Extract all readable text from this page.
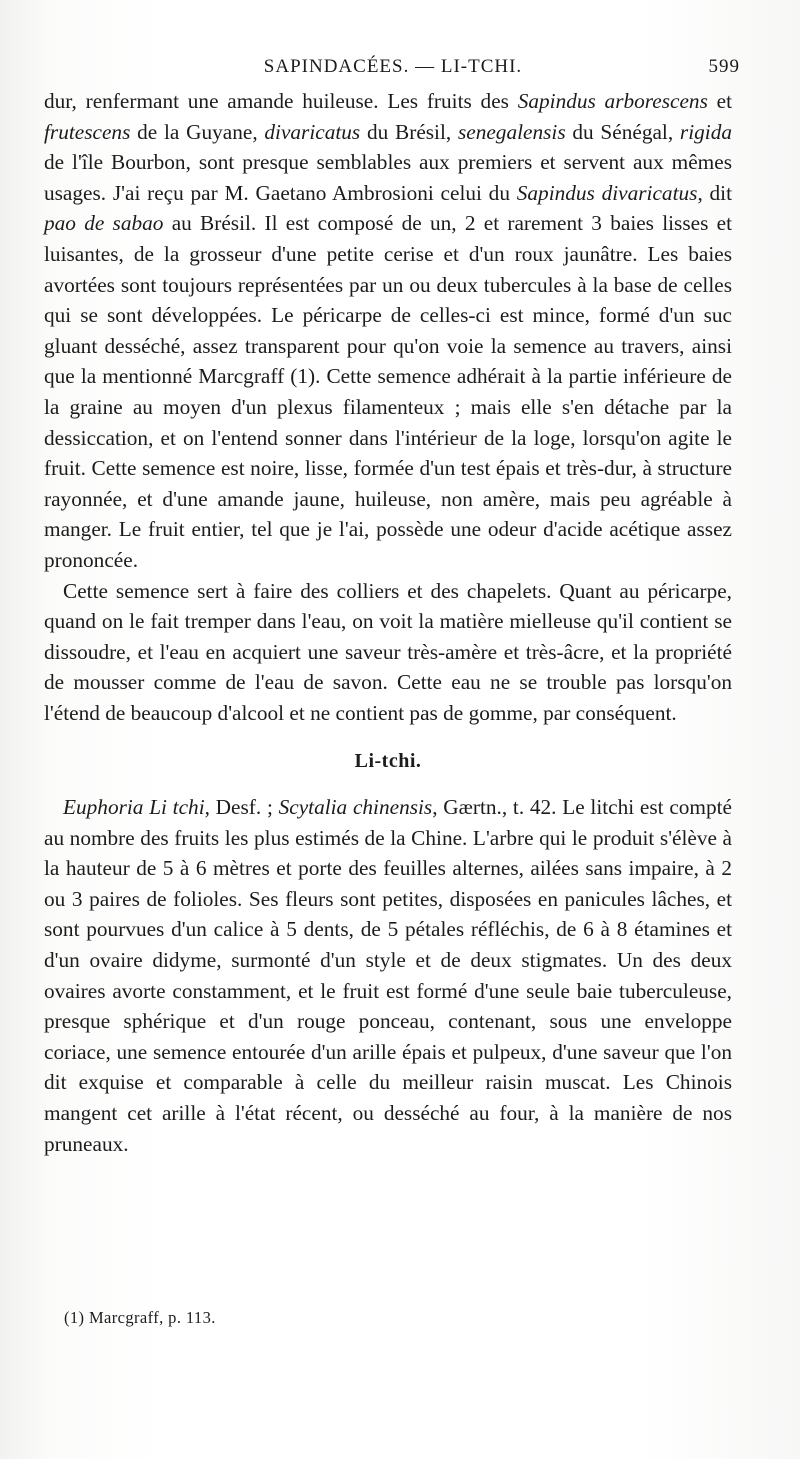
SAPINDACÉES. — LI-TCHI.	599

dur, renfermant une amande huileuse. Les fruits des Sapindus arborescens et frutescens de la Guyane, divaricatus du Brésil, senegalensis du Sénégal, rigida de l'île Bourbon, sont presque semblables aux premiers et servent aux mêmes usages. J'ai reçu par M. Gaetano Ambrosioni celui du Sapindus divaricatus, dit pao de sabao au Brésil. Il est composé de un, 2 et rarement 3 baies lisses et luisantes, de la grosseur d'une petite cerise et d'un roux jaunâtre. Les baies avortées sont toujours représentées par un ou deux tubercules à la base de celles qui se sont développées. Le péricarpe de celles-ci est mince, formé d'un suc gluant desséché, assez transparent pour qu'on voie la semence au travers, ainsi que la mentionné Marcgraff (1). Cette semence adhérait à la partie inférieure de la graine au moyen d'un plexus filamenteux ; mais elle s'en détache par la dessiccation, et on l'entend sonner dans l'intérieur de la loge, lorsqu'on agite le fruit. Cette semence est noire, lisse, formée d'un test épais et très-dur, à structure rayonnée, et d'une amande jaune, huileuse, non amère, mais peu agréable à manger. Le fruit entier, tel que je l'ai, possède une odeur d'acide acétique assez prononcée.

Cette semence sert à faire des colliers et des chapelets. Quant au péricarpe, quand on le fait tremper dans l'eau, on voit la matière mielleuse qu'il contient se dissoudre, et l'eau en acquiert une saveur très-amère et très-âcre, et la propriété de mousser comme de l'eau de savon. Cette eau ne se trouble pas lorsqu'on l'étend de beaucoup d'alcool et ne contient pas de gomme, par conséquent.

Li-tchi.

Euphoria Li tchi, Desf. ; Scytalia chinensis, Gærtn., t. 42. Le litchi est compté au nombre des fruits les plus estimés de la Chine. L'arbre qui le produit s'élève à la hauteur de 5 à 6 mètres et porte des feuilles alternes, ailées sans impaire, à 2 ou 3 paires de folioles. Ses fleurs sont petites, disposées en panicules lâches, et sont pourvues d'un calice à 5 dents, de 5 pétales réfléchis, de 6 à 8 étamines et d'un ovaire didyme, surmonté d'un style et de deux stigmates. Un des deux ovaires avorte constamment, et le fruit est formé d'une seule baie tuberculeuse, presque sphérique et d'un rouge ponceau, contenant, sous une enveloppe coriace, une semence entourée d'un arille épais et pulpeux, d'une saveur que l'on dit exquise et comparable à celle du meilleur raisin muscat. Les Chinois mangent cet arille à l'état récent, ou desséché au four, à la manière de nos pruneaux.

(1) Marcgraff, p. 113.
